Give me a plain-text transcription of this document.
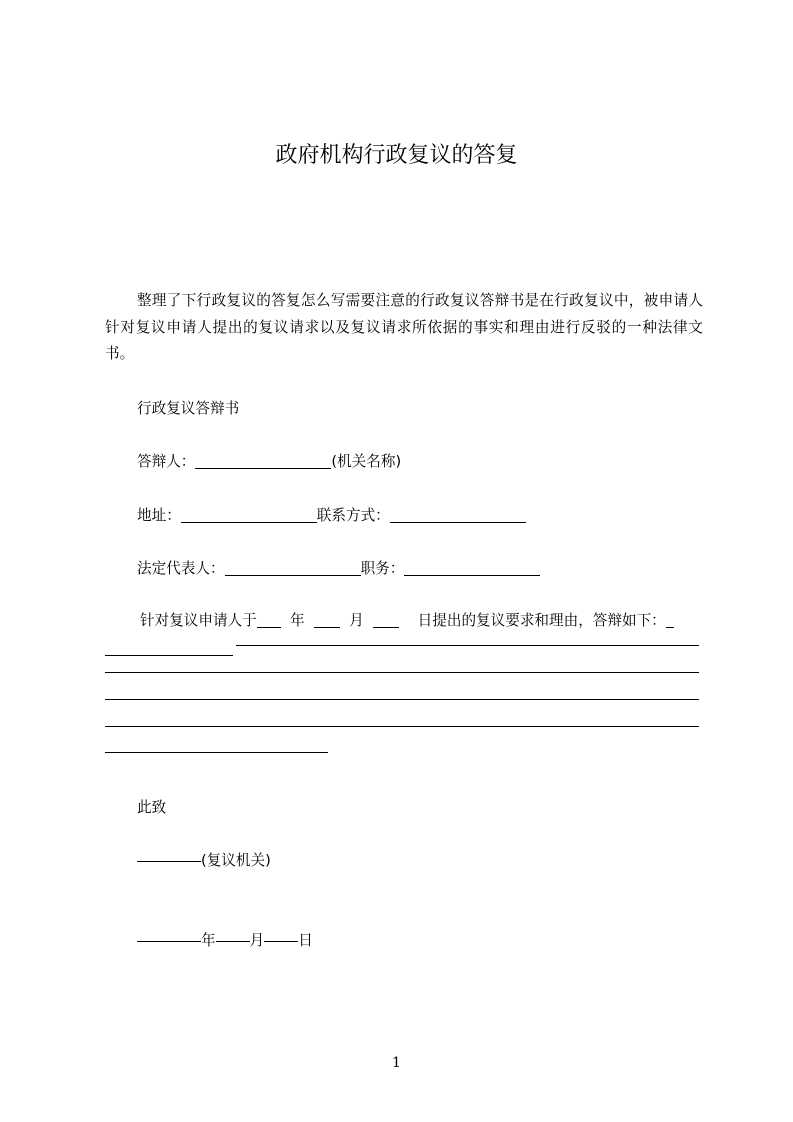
政府机构行政复议的答复

整理了下行政复议的答复怎么写需要注意的行政复议答辩书是在行政复议中，被申请人针对复议申请人提出的复议请求以及复议请求所依据的事实和理由进行反驳的一种法律文书。

行政复议答辩书
答辩人：	(机关名称)
地址：	联系方式：
法定代表人：	职务：
针对复议申请人于 年	月	日提出的复议要求和理由，答辩如下：
此致
(复议机关)
年 月 日
1
